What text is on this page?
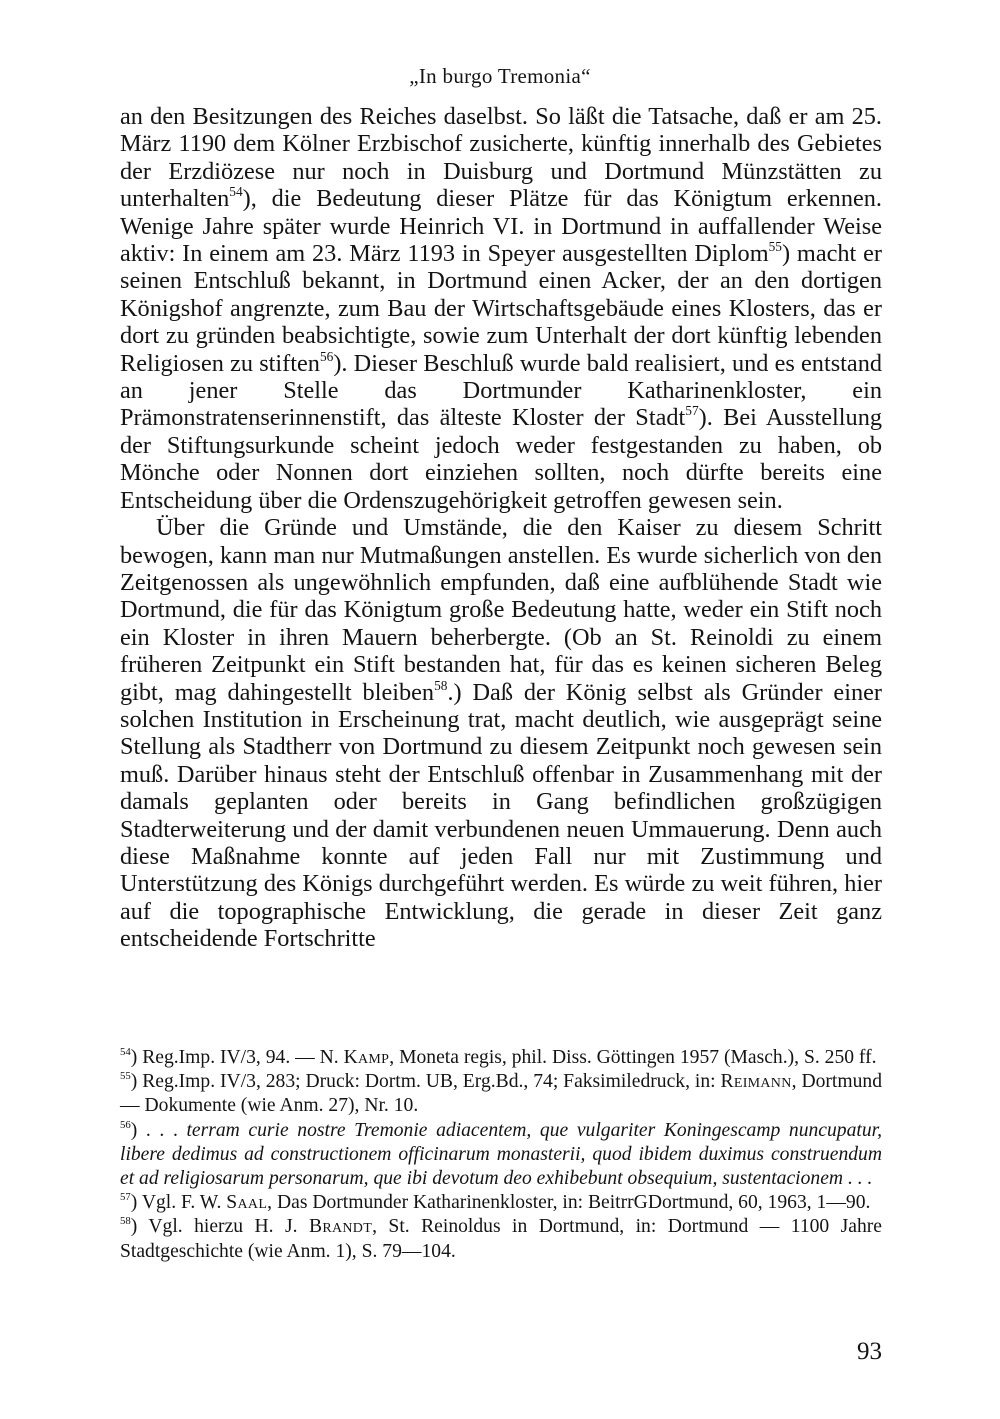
„In burgo Tremonia“

an den Besitzungen des Reiches daselbst. So läßt die Tatsache, daß er am 25. März 1190 dem Kölner Erzbischof zusicherte, künftig innerhalb des Gebietes der Erzdiözese nur noch in Duisburg und Dortmund Münzstätten zu unterhalten$^{54}$), die Bedeutung dieser Plätze für das Königtum erkennen. Wenige Jahre später wurde Heinrich VI. in Dortmund in auffallender Weise aktiv: In einem am 23. März 1193 in Speyer ausgestellten Diplom$^{55}$) macht er seinen Entschluß bekannt, in Dortmund einen Acker, der an den dortigen Königshof angrenzte, zum Bau der Wirtschaftsgebäude eines Klosters, das er dort zu gründen beabsichtigte, sowie zum Unterhalt der dort künftig lebenden Religiosen zu stiften$^{56}$). Dieser Beschluß wurde bald realisiert, und es entstand an jener Stelle das Dortmunder Katharinenkloster, ein Prämonstratenserinnenstift, das älteste Kloster der Stadt$^{57}$). Bei Ausstellung der Stiftungsurkunde scheint jedoch weder festgestanden zu haben, ob Mönche oder Nonnen dort einziehen sollten, noch dürfte bereits eine Entscheidung über die Ordenszugehörigkeit getroffen gewesen sein.

Über die Gründe und Umstände, die den Kaiser zu diesem Schritt bewogen, kann man nur Mutmaßungen anstellen. Es wurde sicherlich von den Zeitgenossen als ungewöhnlich empfunden, daß eine aufblühende Stadt wie Dortmund, die für das Königtum große Bedeutung hatte, weder ein Stift noch ein Kloster in ihren Mauern beherbergte. (Ob an St. Reinoldi zu einem früheren Zeitpunkt ein Stift bestanden hat, für das es keinen sicheren Beleg gibt, mag dahingestellt bleiben$^{58}$.) Daß der König selbst als Gründer einer solchen Institution in Erscheinung trat, macht deutlich, wie ausgeprägt seine Stellung als Stadtherr von Dortmund zu diesem Zeitpunkt noch gewesen sein muß. Darüber hinaus steht der Entschluß offenbar in Zusammenhang mit der damals geplanten oder bereits in Gang befindlichen großzügigen Stadterweiterung und der damit verbundenen neuen Ummauerung. Denn auch diese Maßnahme konnte auf jeden Fall nur mit Zustimmung und Unterstützung des Königs durchgeführt werden. Es würde zu weit führen, hier auf die topographische Entwicklung, die gerade in dieser Zeit ganz entscheidende Fortschritte

$^{54}$) Reg.Imp. IV/3, 94. — N. Kamp, Moneta regis, phil. Diss. Göttingen 1957 (Masch.), S. 250 ff.

$^{55}$) Reg.Imp. IV/3, 283; Druck: Dortm. UB, Erg.Bd., 74; Faksimiledruck, in: Reimann, Dortmund — Dokumente (wie Anm. 27), Nr. 10.

$^{56}$) . . . terram curie nostre Tremonie adiacentem, que vulgariter Koningescamp nuncupatur, libere dedimus ad constructionem officinarum monasterii, quod ibidem duximus construendum et ad religiosarum personarum, que ibi devotum deo exhibebunt obsequium, sustentacionem . . .

$^{57}$) Vgl. F. W. Saal, Das Dortmunder Katharinenkloster, in: BeitrrGDortmund, 60, 1963, 1—90.

$^{58}$) Vgl. hierzu H. J. Brandt, St. Reinoldus in Dortmund, in: Dortmund — 1100 Jahre Stadtgeschichte (wie Anm. 1), S. 79—104.

93
